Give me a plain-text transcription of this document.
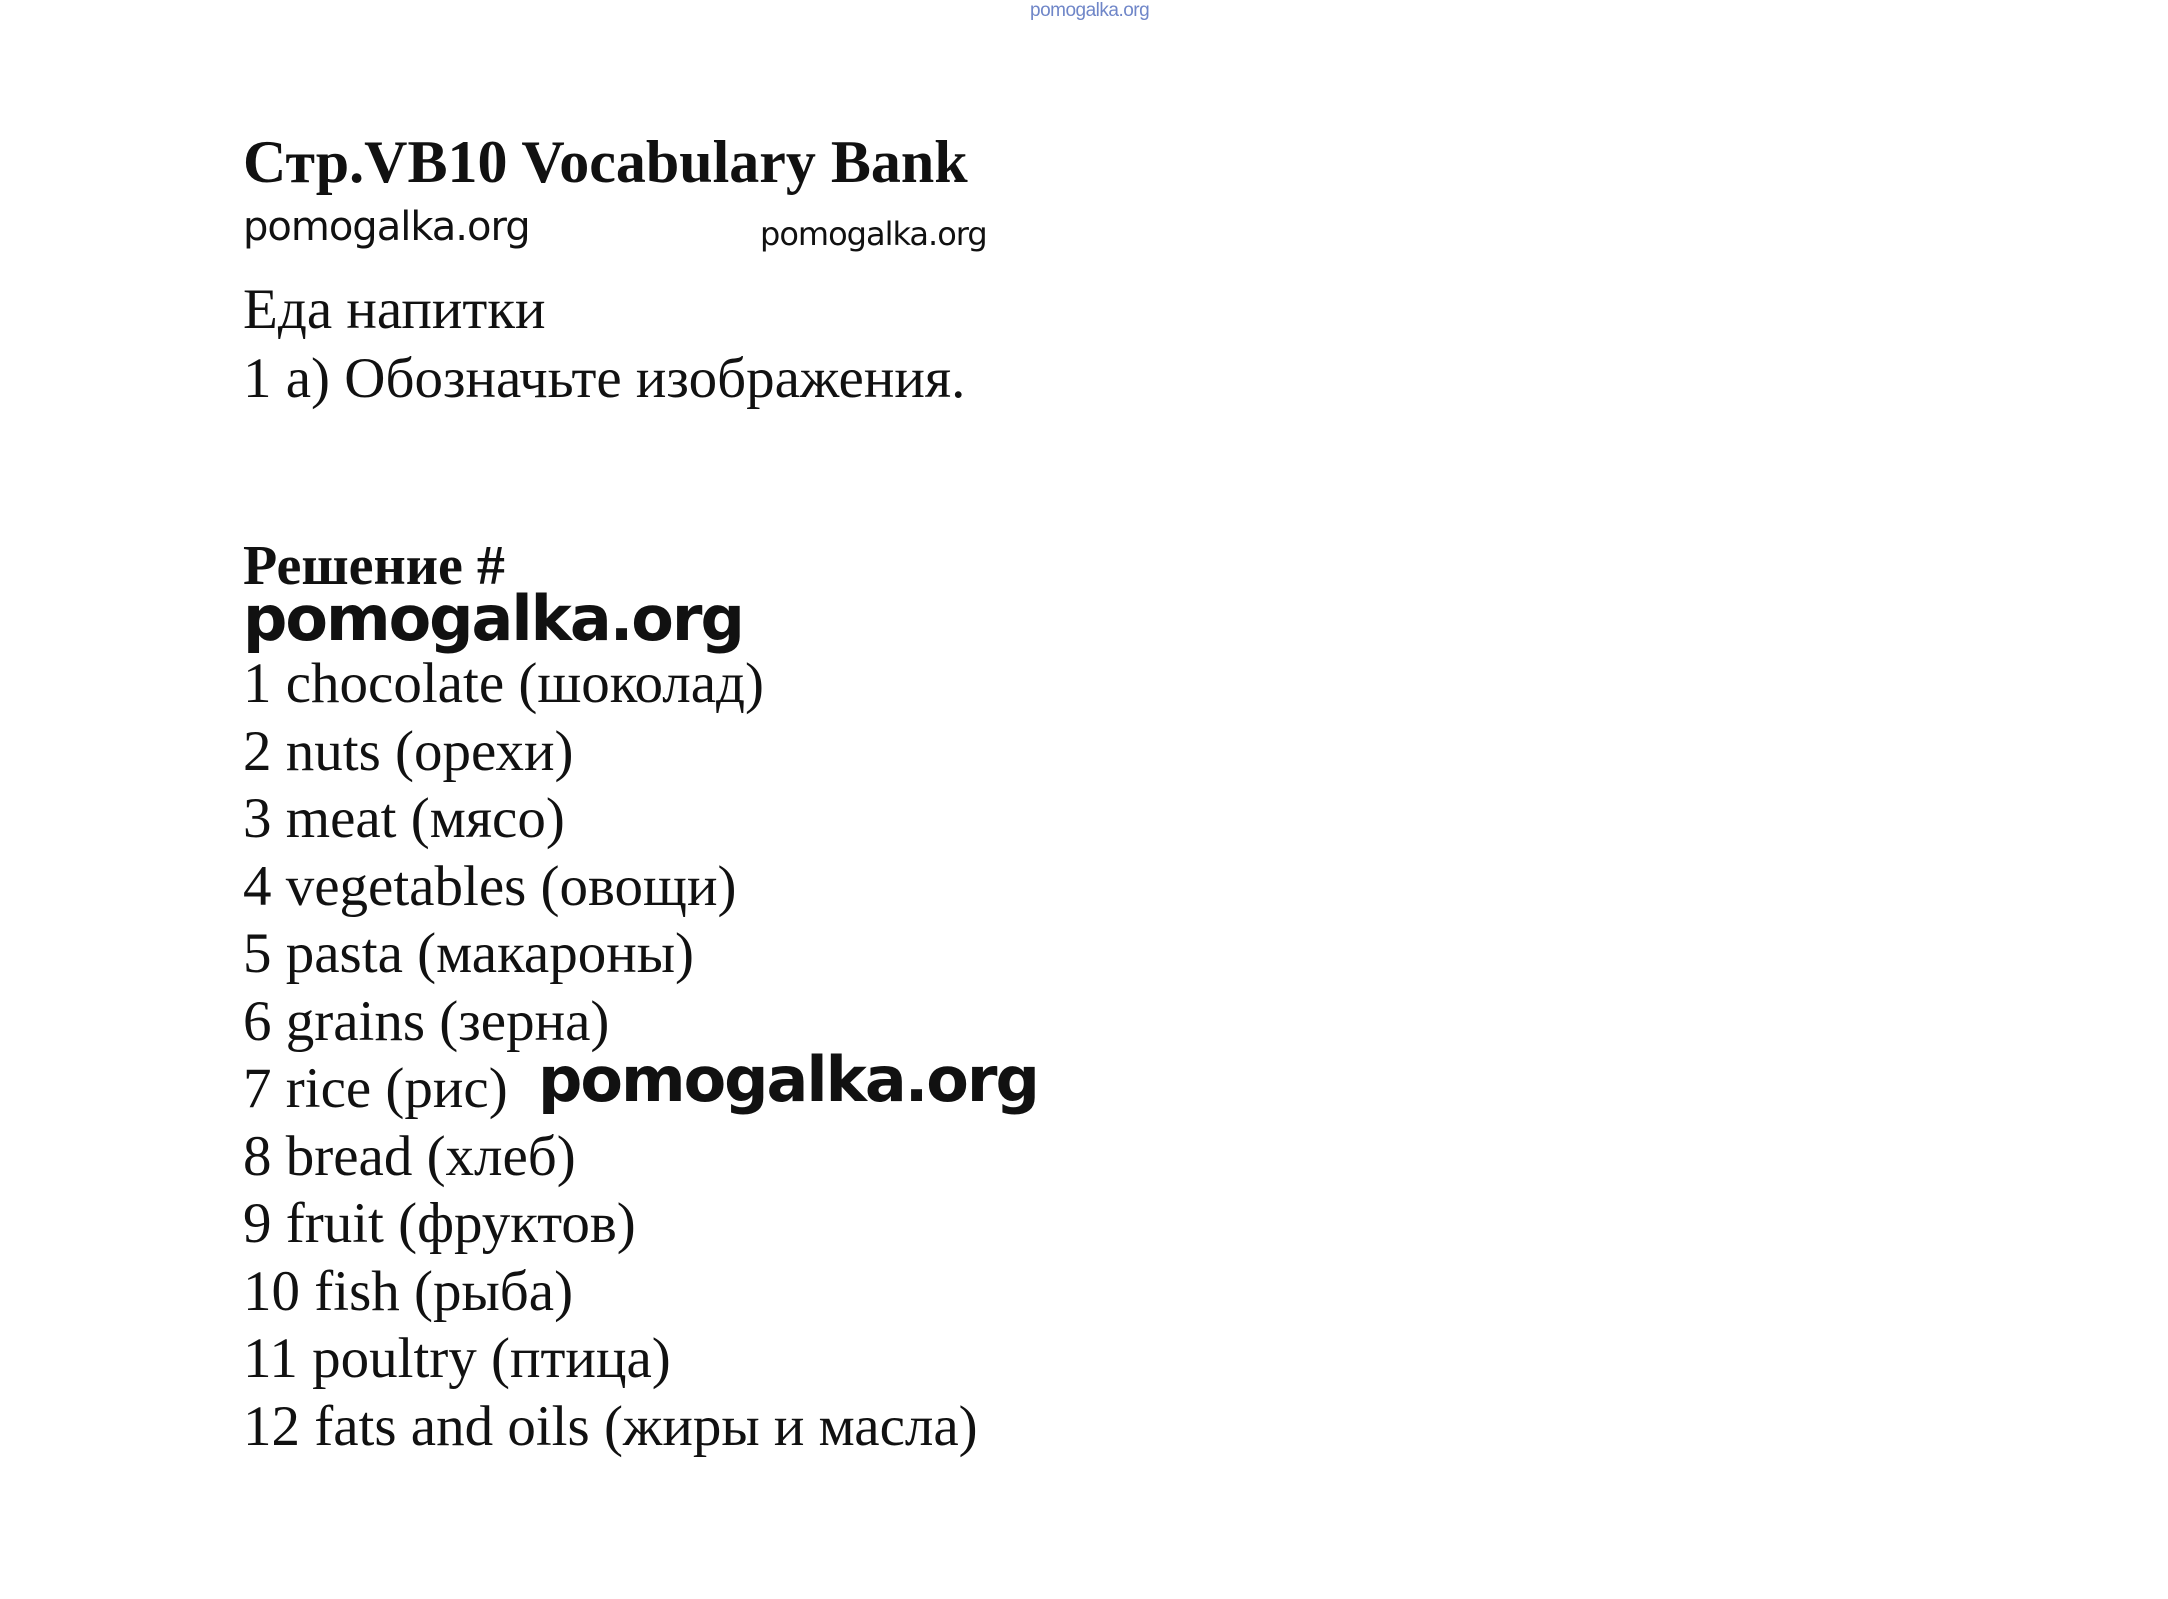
pomogalka.org
Стр.VB10 Vocabulary Bank
pomogalka.org	pomogalka.org
Еда напитки
1 a) Обозначьте изображения.
Решение #
pomogalka.org
1 chocolate (шоколад)
2 nuts (орехи)
3 meat (мясо)
4 vegetables (овощи)
5 pasta (макароны)
6 grains (зерна)
7 rice (рис)
8 bread (хлеб)
9 fruit (фруктов)
10 fish (рыба)
11 poultry (птица)
12 fats and oils (жиры и масла)
pomogalka.org
